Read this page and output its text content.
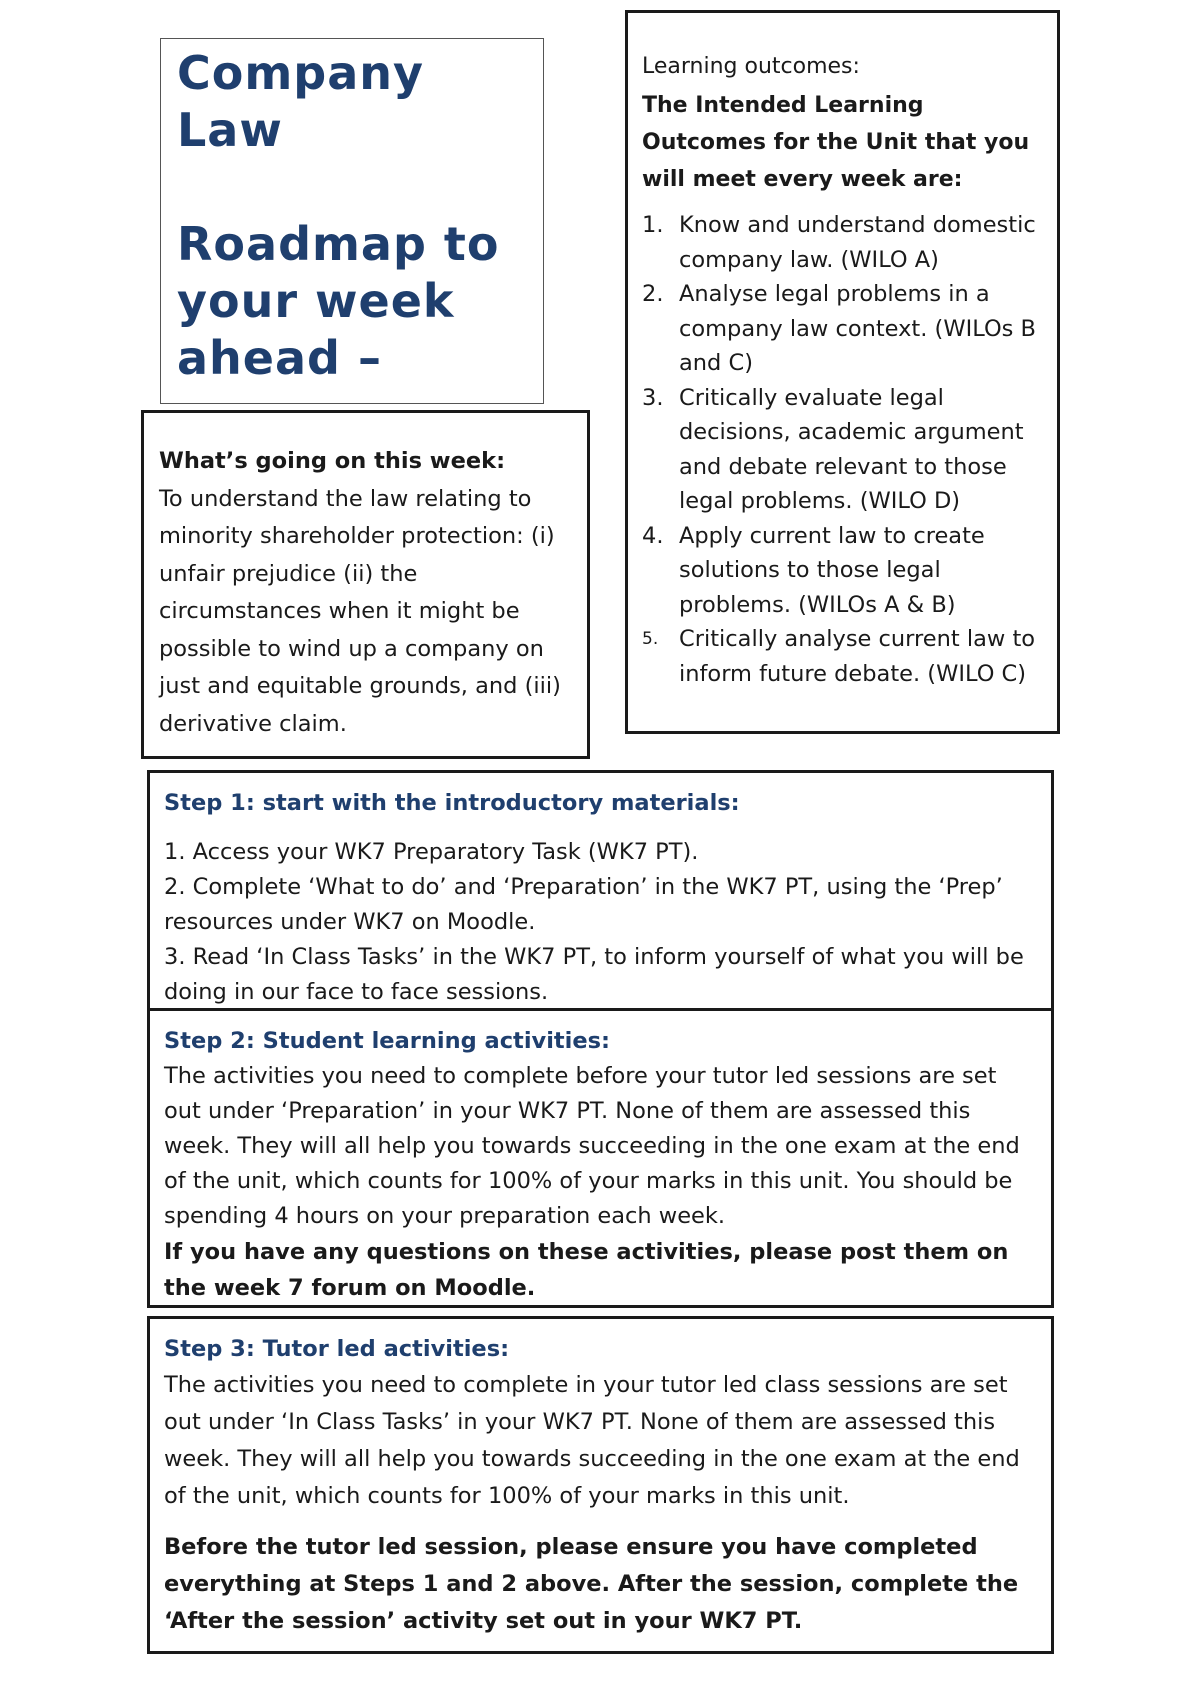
Company

Law

Roadmap to

your week

ahead –

Learning outcomes:

The Intended Learning Outcomes for the Unit that you will meet every week are:

1. Know and understand domestic company law. (WILO A)
2. Analyse legal problems in a company law context. (WILOs B and C)
3. Critically evaluate legal decisions, academic argument and debate relevant to those legal problems. (WILO D)
4. Apply current law to create solutions to those legal problems. (WILOs A & B)
5. Critically analyse current law to inform future debate. (WILO C)

What’s going on this week:
To understand the law relating to minority shareholder protection: (i) unfair prejudice (ii) the circumstances when it might be possible to wind up a company on just and equitable grounds, and (iii) derivative claim.

Step 1: start with the introductory materials:

1. Access your WK7 Preparatory Task (WK7 PT).

2. Complete ‘What to do’ and ‘Preparation’ in the WK7 PT, using the ‘Prep’ resources under WK7 on Moodle.

3. Read ‘In Class Tasks’ in the WK7 PT, to inform yourself of what you will be doing in our face to face sessions.

Step 2: Student learning activities:

The activities you need to complete before your tutor led sessions are set out under ‘Preparation’ in your WK7 PT. None of them are assessed this week. They will all help you towards succeeding in the one exam at the end of the unit, which counts for 100% of your marks in this unit. You should be spending 4 hours on your preparation each week.

If you have any questions on these activities, please post them on the week 7 forum on Moodle.

Step 3: Tutor led activities:

The activities you need to complete in your tutor led class sessions are set out under ‘In Class Tasks’ in your WK7 PT. None of them are assessed this week. They will all help you towards succeeding in the one exam at the end of the unit, which counts for 100% of your marks in this unit.

Before the tutor led session, please ensure you have completed everything at Steps 1 and 2 above. After the session, complete the ‘After the session’ activity set out in your WK7 PT.
